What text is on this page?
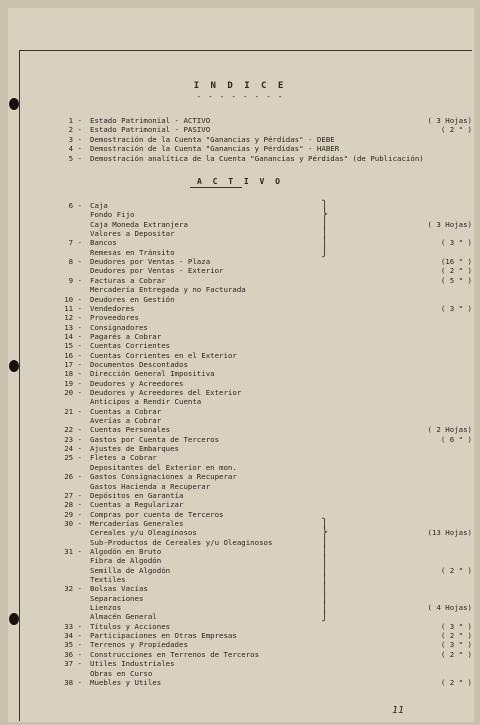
I N D I C E
- - - - - - - -
1 - Estado Patrimonial - ACTIVO	( 3 Hojas)
2 - Estado Patrimonial - PASIVO	( 2 " )
3 - Demostración de la Cuenta "Ganancias y Pérdidas" - DEBE
4 - Demostración de la Cuenta "Ganancias y Pérdidas" - HABER
5 - Demostración analítica de la Cuenta "Ganancias y Pérdidas" (de Publicación)
A C T I V O
6 - Caja	⎫
Fondo Fijo	⎬
Caja Moneda Extranjera	⎪	( 3 Hojas)
Valores a Depositar	⎪
7 - Bancos	⎪	( 3 " )
Remesas en Tránsito	⎭
8 - Deudores por Ventas - Plaza	(16 " )
Deudores por Ventas - Exterior	( 2 " )
9 - Facturas a Cobrar	( 5 " )
Mercadería Entregada y no Facturada
10 - Deudores en Gestión
11 - Vendedores	( 3 " )
12 - Proveedores
13 - Consignadores
14 - Pagarés a Cobrar
15 - Cuentas Corrientes
16 - Cuentas Corrientes en el Exterior
17 - Documentos Descontados
18 - Dirección General Impositiva
19 - Deudores y Acreedores
20 - Deudores y Acreedores del Exterior
Anticipos a Rendir Cuenta
21 - Cuentas a Cobrar
Averías a Cobrar
22 - Cuentas Personales	( 2 Hojas)
23 - Gastos por Cuenta de Terceros	( 6 " )
24 - Ajustes de Embarques
25 - Fletes a Cobrar
Depositantes del Exterior en mon.
26 - Gastos Consignaciones a Recuperar
Gastos Hacienda a Recuperar
27 - Depósitos en Garantía
28 - Cuentas a Regularizar
29 - Compras por cuenta de Terceros
30 - Mercaderías Generales	⎫
Cereales y/u Oleaginosos	⎬	(13 Hojas)
Sub-Productos de Cereales y/u Oleaginosos	⎪
31 - Algodón en Bruto	⎪
Fibra de Algodón	⎪
Semilla de Algodón	⎪	( 2 " )
Textiles	⎪
32 - Bolsas Vacías	⎪
Separaciones	⎪
Lienzos	⎪	( 4 Hojas)
Almacén General	⎭
33 - Títulos y Acciones	( 3 " )
34 - Participaciones en Otras Empresas	( 2 " )
35 - Terrenos y Propiedades	( 3 " )
36 - Construcciones en Terrenos de Terceros	( 2 " )
37 - Utiles Industriales
Obras en Curso
38 - Muebles y Utiles	( 2 " )
11
